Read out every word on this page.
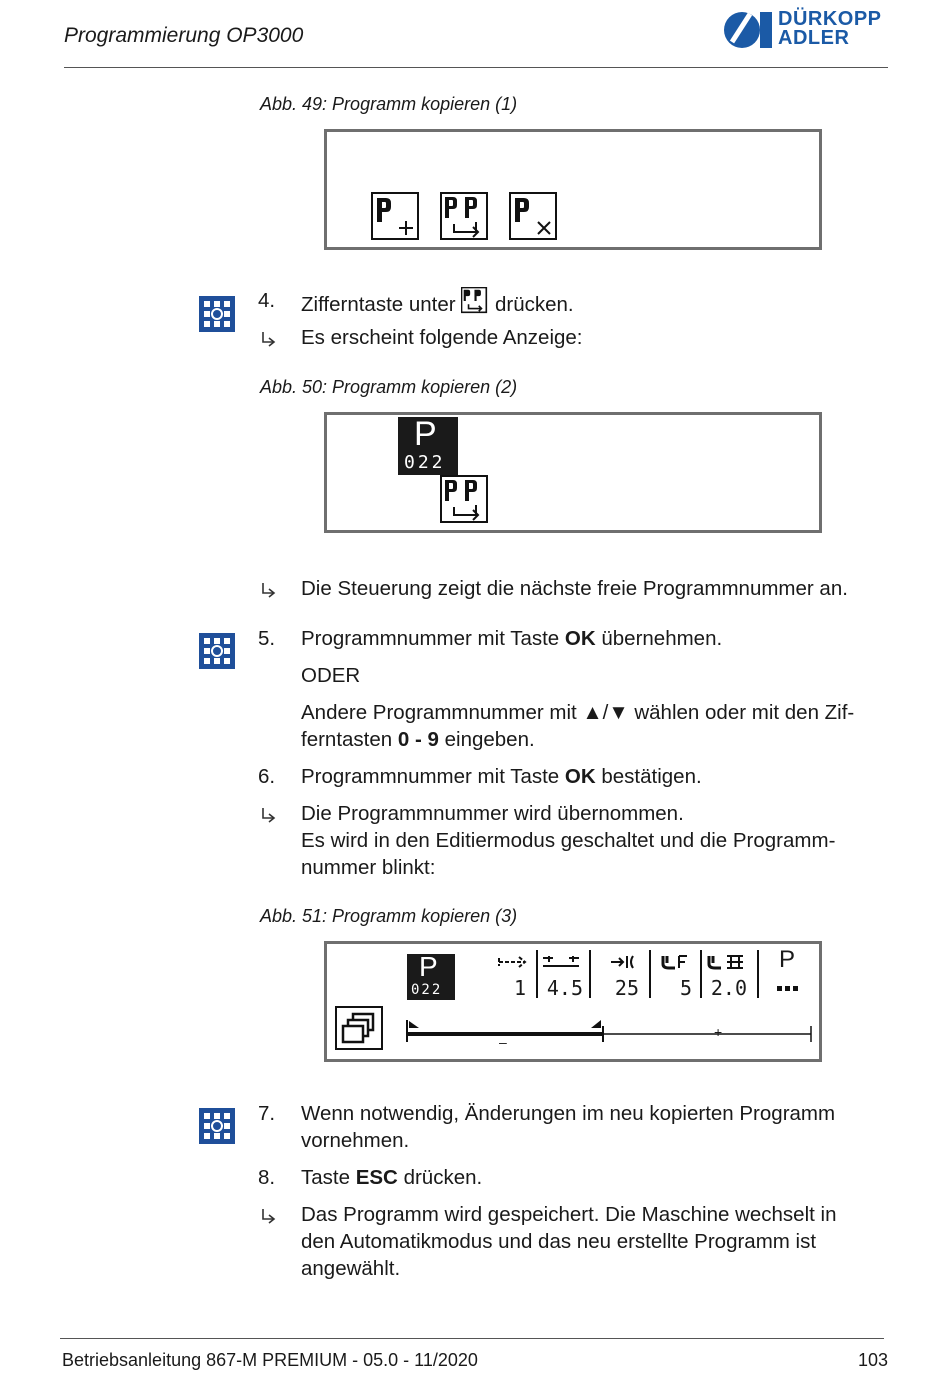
Programmierung OP3000
DÜRKOPP
ADLER
Abb. 49: Programm kopieren (1)
4. Zifferntaste unter drücken.
Es erscheint folgende Anzeige:
Abb. 50: Programm kopieren (2)
P
022
Die Steuerung zeigt die nächste freie Programmnummer an.
5. Programmnummer mit Taste OK übernehmen.
ODER
Andere Programmnummer mit ▲/▼ wählen oder mit den Zif-
ferntasten 0 - 9 eingeben.
6. Programmnummer mit Taste OK bestätigen.
Die Programmnummer wird übernommen.
Es wird in den Editiermodus geschaltet und die Programm-
nummer blinkt:
Abb. 51: Programm kopieren (3)
P
022	1 4.5	25	5 2.0
P
–
+
7. Wenn notwendig, Änderungen im neu kopierten Programm
vornehmen.
8. Taste ESC drücken.
Das Programm wird gespeichert. Die Maschine wechselt in
den Automatikmodus und das neu erstellte Programm ist
angewählt.
Betriebsanleitung 867-M PREMIUM - 05.0 - 11/2020	103
